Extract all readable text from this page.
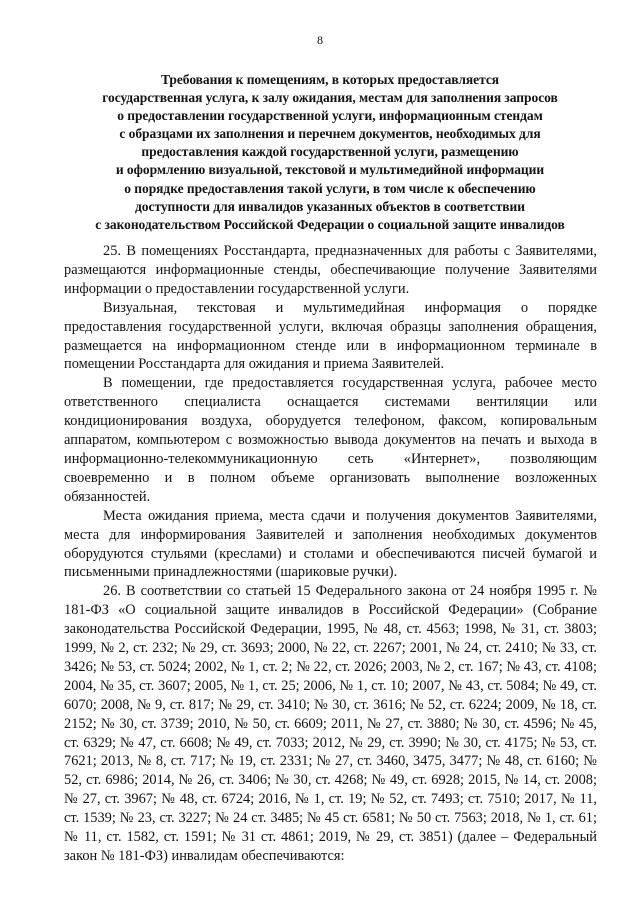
8
Требования к помещениям, в которых предоставляется
государственная услуга, к залу ожидания, местам для заполнения запросов
о предоставлении государственной услуги, информационным стендам
с образцами их заполнения и перечнем документов, необходимых для
предоставления каждой государственной услуги, размещению
и оформлению визуальной, текстовой и мультимедийной информации
о порядке предоставления такой услуги, в том числе к обеспечению
доступности для инвалидов указанных объектов в соответствии
с законодательством Российской Федерации о социальной защите инвалидов

25. В помещениях Росстандарта, предназначенных для работы с Заявителями, размещаются информационные стенды, обеспечивающие получение Заявителями информации о предоставлении государственной услуги.

Визуальная, текстовая и мультимедийная информация о порядке предоставления государственной услуги, включая образцы заполнения обращения, размещается на информационном стенде или в информационном терминале в помещении Росстандарта для ожидания и приема Заявителей.

В помещении, где предоставляется государственная услуга, рабочее место ответственного специалиста оснащается системами вентиляции или кондиционирования воздуха, оборудуется телефоном, факсом, копировальным аппаратом, компьютером с возможностью вывода документов на печать и выхода в информационно-телекоммуникационную сеть «Интернет», позволяющим своевременно и в полном объеме организовать выполнение возложенных обязанностей.

Места ожидания приема, места сдачи и получения документов Заявителями, места для информирования Заявителей и заполнения необходимых документов оборудуются стульями (креслами) и столами и обеспечиваются писчей бумагой и письменными принадлежностями (шариковые ручки).

26. В соответствии со статьей 15 Федерального закона от 24 ноября 1995 г. № 181-ФЗ «О социальной защите инвалидов в Российской Федерации» (Собрание законодательства Российской Федерации, 1995, № 48, ст. 4563; 1998, № 31, ст. 3803; 1999, № 2, ст. 232; № 29, ст. 3693; 2000, № 22, ст. 2267; 2001, № 24, ст. 2410; № 33, ст. 3426; № 53, ст. 5024; 2002, № 1, ст. 2; № 22, ст. 2026; 2003, № 2, ст. 167; № 43, ст. 4108; 2004, № 35, ст. 3607; 2005, № 1, ст. 25; 2006, № 1, ст. 10; 2007, № 43, ст. 5084; № 49, ст. 6070; 2008, № 9, ст. 817; № 29, ст. 3410; № 30, ст. 3616; № 52, ст. 6224; 2009, № 18, ст. 2152; № 30, ст. 3739; 2010, № 50, ст. 6609; 2011, № 27, ст. 3880; № 30, ст. 4596; № 45, ст. 6329; № 47, ст. 6608; № 49, ст. 7033; 2012, № 29, ст. 3990; № 30, ст. 4175; № 53, ст. 7621; 2013, № 8, ст. 717; № 19, ст. 2331; № 27, ст. 3460, 3475, 3477; № 48, ст. 6160; № 52, ст. 6986; 2014, № 26, ст. 3406; № 30, ст. 4268; № 49, ст. 6928; 2015, № 14, ст. 2008; № 27, ст. 3967; № 48, ст. 6724; 2016, № 1, ст. 19; № 52, ст. 7493; ст. 7510; 2017, № 11, ст. 1539; № 23, ст. 3227; № 24 ст. 3485; № 45 ст. 6581; № 50 ст. 7563; 2018, № 1, ст. 61; № 11, ст. 1582, ст. 1591; № 31 ст. 4861; 2019, № 29, ст. 3851) (далее – Федеральный закон № 181-ФЗ) инвалидам обеспечиваются:
